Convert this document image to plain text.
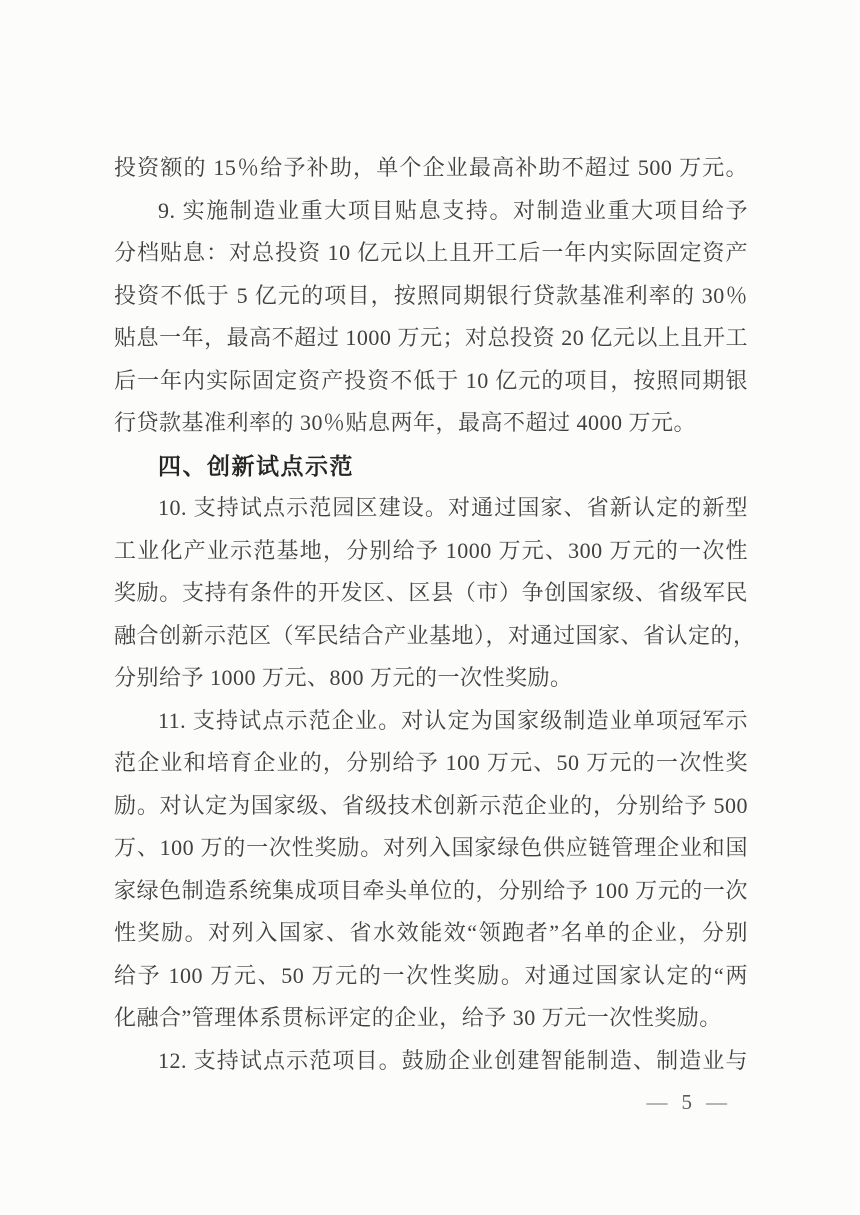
投资额的 15％给予补助，单个企业最高补助不超过 500 万元。
9. 实施制造业重大项目贴息支持。对制造业重大项目给予
分档贴息：对总投资 10 亿元以上且开工后一年内实际固定资产
投资不低于 5 亿元的项目，按照同期银行贷款基准利率的 30％
贴息一年，最高不超过 1000 万元；对总投资 20 亿元以上且开工
后一年内实际固定资产投资不低于 10 亿元的项目，按照同期银
行贷款基准利率的 30％贴息两年，最高不超过 4000 万元。
四、创新试点示范
10. 支持试点示范园区建设。对通过国家、省新认定的新型
工业化产业示范基地，分别给予 1000 万元、300 万元的一次性
奖励。支持有条件的开发区、区县（市）争创国家级、省级军民
融合创新示范区（军民结合产业基地），对通过国家、省认定的，
分别给予 1000 万元、800 万元的一次性奖励。
11. 支持试点示范企业。对认定为国家级制造业单项冠军示
范企业和培育企业的，分别给予 100 万元、50 万元的一次性奖
励。对认定为国家级、省级技术创新示范企业的，分别给予 500
万、100 万的一次性奖励。对列入国家绿色供应链管理企业和国
家绿色制造系统集成项目牵头单位的，分别给予 100 万元的一次
性奖励。对列入国家、省水效能效“领跑者”名单的企业，分别
给予 100 万元、50 万元的一次性奖励。对通过国家认定的“两
化融合”管理体系贯标评定的企业，给予 30 万元一次性奖励。
12. 支持试点示范项目。鼓励企业创建智能制造、制造业与
— 5 —
